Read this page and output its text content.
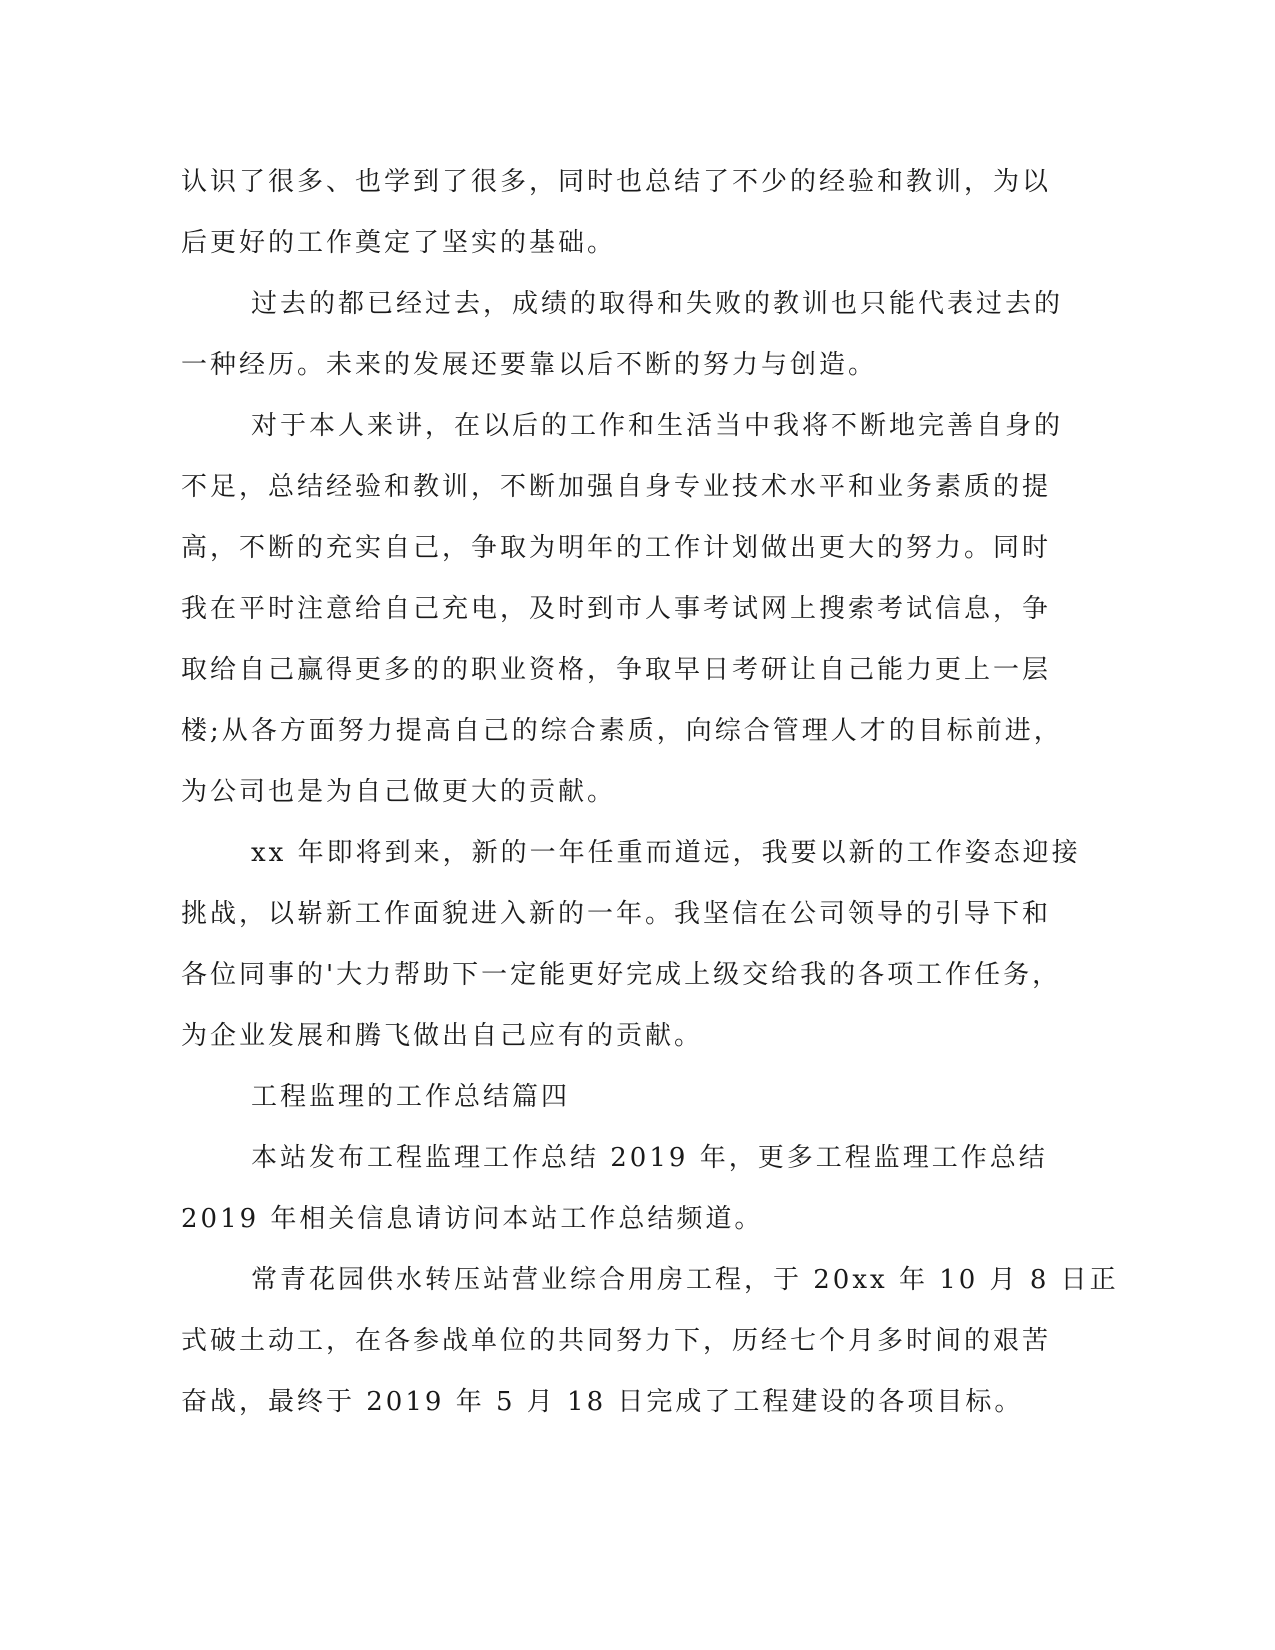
认识了很多、也学到了很多，同时也总结了不少的经验和教训，为以
后更好的工作奠定了坚实的基础。
过去的都已经过去，成绩的取得和失败的教训也只能代表过去的
一种经历。未来的发展还要靠以后不断的努力与创造。
对于本人来讲，在以后的工作和生活当中我将不断地完善自身的
不足，总结经验和教训，不断加强自身专业技术水平和业务素质的提
高，不断的充实自己，争取为明年的工作计划做出更大的努力。同时
我在平时注意给自己充电，及时到市人事考试网上搜索考试信息，争
取给自己赢得更多的的职业资格，争取早日考研让自己能力更上一层
楼;从各方面努力提高自己的综合素质，向综合管理人才的目标前进，
为公司也是为自己做更大的贡献。
xx 年即将到来，新的一年任重而道远，我要以新的工作姿态迎接
挑战，以崭新工作面貌进入新的一年。我坚信在公司领导的引导下和
各位同事的'大力帮助下一定能更好完成上级交给我的各项工作任务，
为企业发展和腾飞做出自己应有的贡献。
工程监理的工作总结篇四
本站发布工程监理工作总结 2019 年，更多工程监理工作总结
2019 年相关信息请访问本站工作总结频道。
常青花园供水转压站营业综合用房工程，于 20xx 年 10 月 8 日正
式破土动工，在各参战单位的共同努力下，历经七个月多时间的艰苦
奋战，最终于 2019 年 5 月 18 日完成了工程建设的各项目标。
